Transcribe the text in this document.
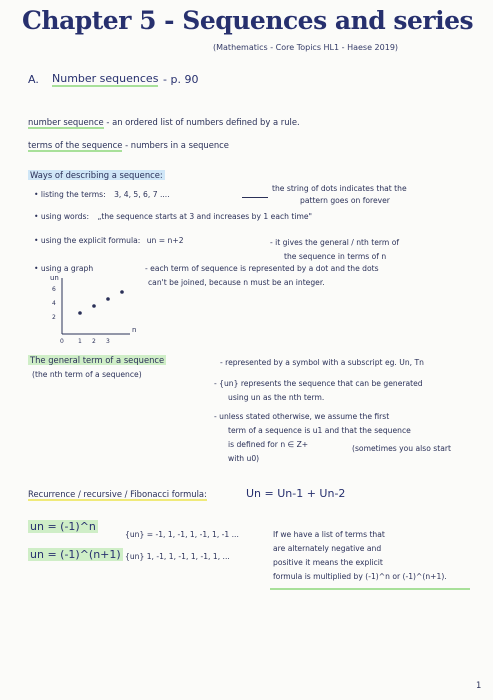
Chapter 5 - Sequences and series
(Mathematics - Core Topics HL1 - Haese 2019)
A. Number sequences - p. 90
number sequence - an ordered list of numbers defined by a rule.
terms of the sequence - numbers in a sequence
Ways of describing a sequence:
• listing the terms: 3, 4, 5, 6, 7 ....
the string of dots indicates that the
pattern goes on forever
• using words: „the sequence starts at 3 and increases by 1 each time"
• using the explicit formula: un = n+2	- it gives the general / nth term of
the sequence in terms of n
• using a graph	- each term of sequence is represented by a dot and the dots
can't be joined, because n must be an integer.
un
n
6
4
2
0 1 2 3
The general term of a sequence
(the nth term of a sequence)
- represented by a symbol with a subscript eg. Un, Tn
- {un} represents the sequence that can be generated
using un as the nth term.
- unless stated otherwise, we assume the first
term of a sequence is u1 and that the sequence
is defined for n ∈ Z+	(sometimes you also start
with u0)
Recurrence / recursive / Fibonacci formula:	Un = Un-1 + Un-2
un = (-1)^n
un = (-1)^(n+1)
{un} = -1, 1, -1, 1, -1, 1, -1 ...
{un} 1, -1, 1, -1, 1, -1, 1, ...
If we have a list of terms that
are alternately negative and
positive it means the explicit
formula is multiplied by (-1)^n or (-1)^(n+1).
1
